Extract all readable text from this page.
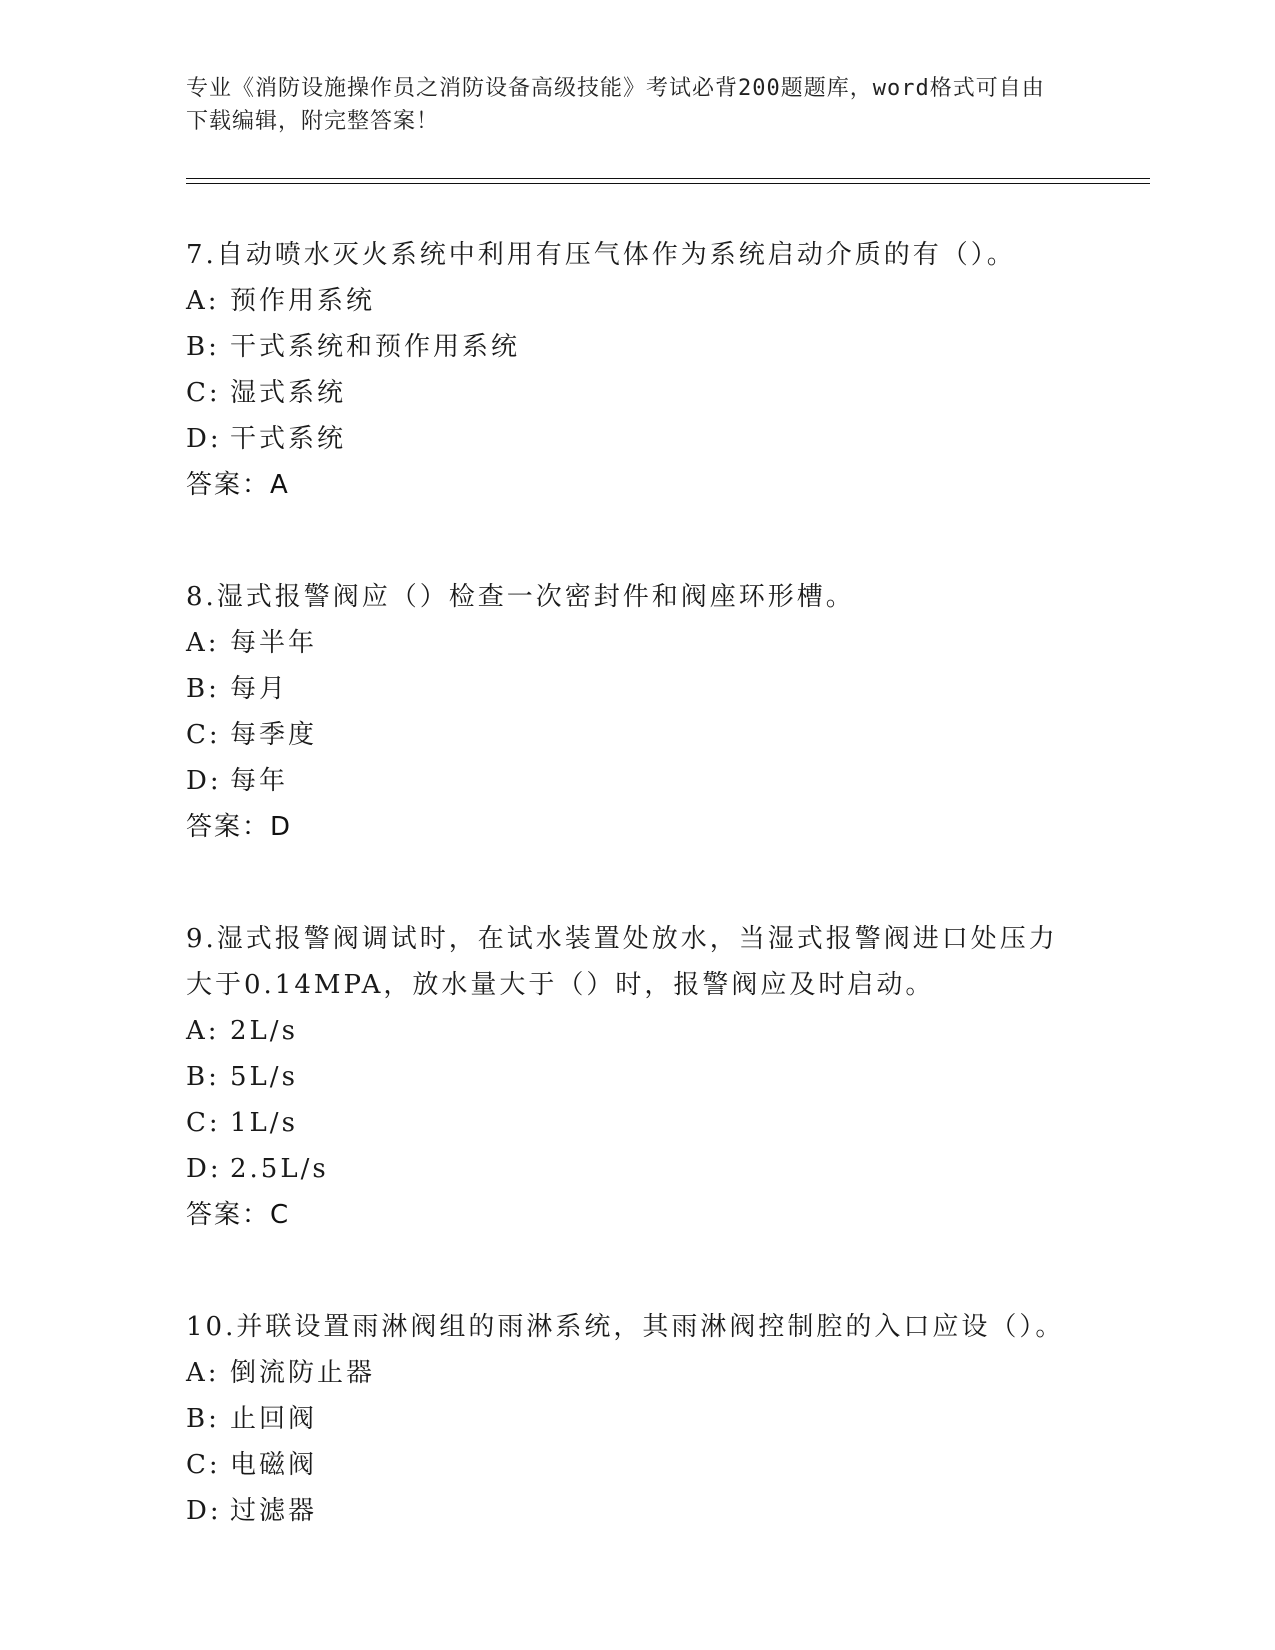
专业《消防设施操作员之消防设备高级技能》考试必背200题题库，word格式可自由下载编辑，附完整答案！
7.自动喷水灭火系统中利用有压气体作为系统启动介质的有（）。
A: 预作用系统
B: 干式系统和预作用系统
C: 湿式系统
D: 干式系统
答案：A
8.湿式报警阀应（）检查一次密封件和阀座环形槽。
A: 每半年
B: 每月
C: 每季度
D: 每年
答案：D
9.湿式报警阀调试时，在试水装置处放水，当湿式报警阀进口处压力大于0.14MPA，放水量大于（）时，报警阀应及时启动。
A: 2L/s
B: 5L/s
C: 1L/s
D: 2.5L/s
答案：C
10.并联设置雨淋阀组的雨淋系统，其雨淋阀控制腔的入口应设（）。
A: 倒流防止器
B: 止回阀
C: 电磁阀
D: 过滤器
